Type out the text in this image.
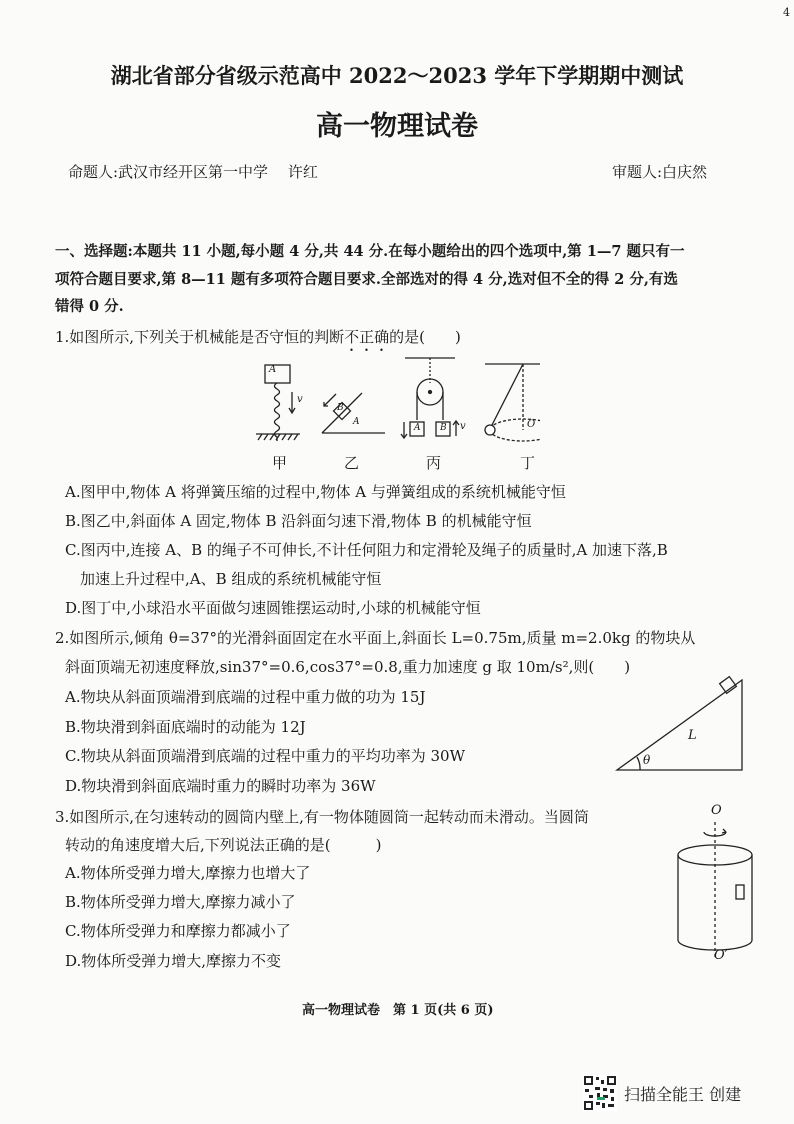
4
湖北省部分省级示范高中 2022～2023 学年下学期期中测试
高一物理试卷
命题人:武汉市经开区第一中学　 许红	审题人:白庆然
一、选择题:本题共 11 小题,每小题 4 分,共 44 分.在每小题给出的四个选项中,第 1—7 题只有一
项符合题目要求,第 8—11 题有多项符合题目要求.全部选对的得 4 分,选对但不全的得 2 分,有选
错得 0 分.
1.如图所示,下列关于机械能是否守恒的判断不正确的是(　　)
A
v
B
A
A B v	O
甲	乙	丙	丁
A.图甲中,物体 A 将弹簧压缩的过程中,物体 A 与弹簧组成的系统机械能守恒
B.图乙中,斜面体 A 固定,物体 B 沿斜面匀速下滑,物体 B 的机械能守恒
C.图丙中,连接 A、B 的绳子不可伸长,不计任何阻力和定滑轮及绳子的质量时,A 加速下落,B
加速上升过程中,A、B 组成的系统机械能守恒
D.图丁中,小球沿水平面做匀速圆锥摆运动时,小球的机械能守恒
2.如图所示,倾角 θ=37°的光滑斜面固定在水平面上,斜面长 L=0.75m,质量 m=2.0kg 的物块从
斜面顶端无初速度释放,sin37°=0.6,cos37°=0.8,重力加速度 g 取 10m/s²,则(　　)
A.物块从斜面顶端滑到底端的过程中重力做的功为 15J
B.物块滑到斜面底端时的动能为 12J
C.物块从斜面顶端滑到底端的过程中重力的平均功率为 30W
D.物块滑到斜面底端时重力的瞬时功率为 36W
L
θ
3.如图所示,在匀速转动的圆筒内壁上,有一物体随圆筒一起转动而未滑动。当圆筒
转动的角速度增大后,下列说法正确的是(　　　)
A.物体所受弹力增大,摩擦力也增大了
B.物体所受弹力增大,摩擦力减小了
C.物体所受弹力和摩擦力都减小了
D.物体所受弹力增大,摩擦力不变
O
O′
高一物理试卷　第 1 页(共 6 页)
扫描全能王 创建
